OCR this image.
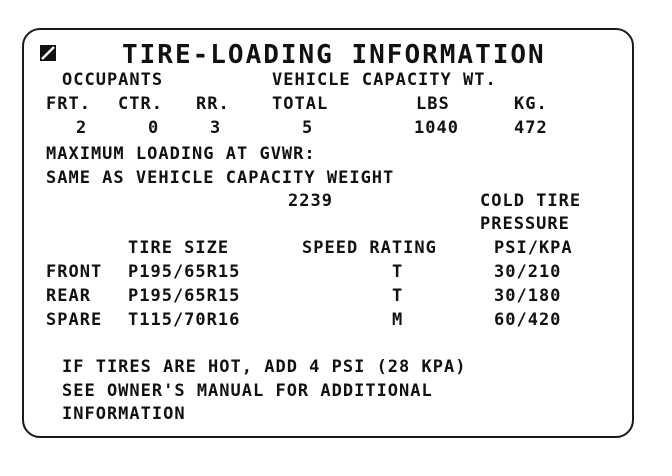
TIRE-LOADING INFORMATION
OCCUPANTS	VEHICLE CAPACITY WT.
FRT. CTR. RR. TOTAL	LBS	KG.
2	0	3	5	1040	472
MAXIMUM LOADING AT GVWR:
SAME AS VEHICLE CAPACITY WEIGHT
2239	COLD TIRE
PRESSURE
TIRE SIZE	SPEED RATING	PSI/KPA
FRONT P195/65R15	T	30/210
REAR P195/65R15	T	30/180
SPARE T115/70R16	M	60/420
IF TIRES ARE HOT, ADD 4 PSI (28 KPA)
SEE OWNER'S MANUAL FOR ADDITIONAL
INFORMATION
